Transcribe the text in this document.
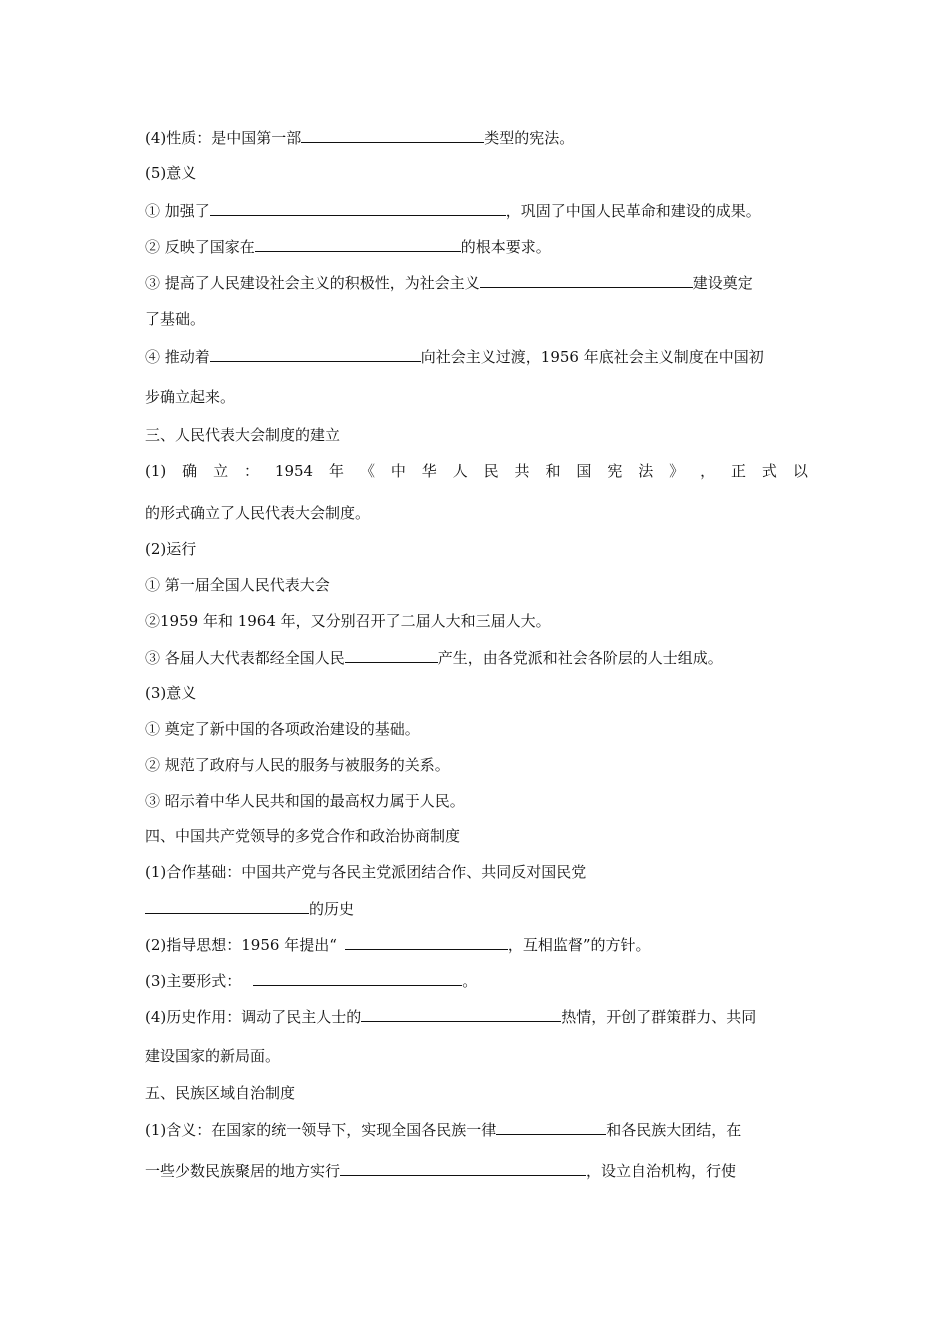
(4)性质：是中国第一部	类型的宪法。
(5)意义
① 加强了	，巩固了中国人民革命和建设的成果。
② 反映了国家在	的根本要求。
③ 提高了人民建设社会主义的积极性，为社会主义	建设奠定
了基础。
④ 推动着	向社会主义过渡，1956 年底社会主义制度在中国初
步确立起来。
三、人民代表大会制度的建立
(1) 确 立 ： 1954 年 《 中 华 人 民 共 和 国 宪 法 》 ， 正 式 以
的形式确立了人民代表大会制度。
(2)运行
① 第一届全国人民代表大会
②1959 年和 1964 年，又分别召开了二届人大和三届人大。
③ 各届人大代表都经全国人民	产生，由各党派和社会各阶层的人士组成。
(3)意义
① 奠定了新中国的各项政治建设的基础。
② 规范了政府与人民的服务与被服务的关系。
③ 昭示着中华人民共和国的最高权力属于人民。
四、中国共产党领导的多党合作和政治协商制度
(1)合作基础：中国共产党与各民主党派团结合作、共同反对国民党
的历史
(2)指导思想：1956 年提出“	，互相监督”的方针。
(3)主要形式：	。
(4)历史作用：调动了民主人士的	热情，开创了群策群力、共同
建设国家的新局面。
五、民族区域自治制度
(1)含义：在国家的统一领导下，实现全国各民族一律	和各民族大团结，在
一些少数民族聚居的地方实行	，设立自治机构，行使
